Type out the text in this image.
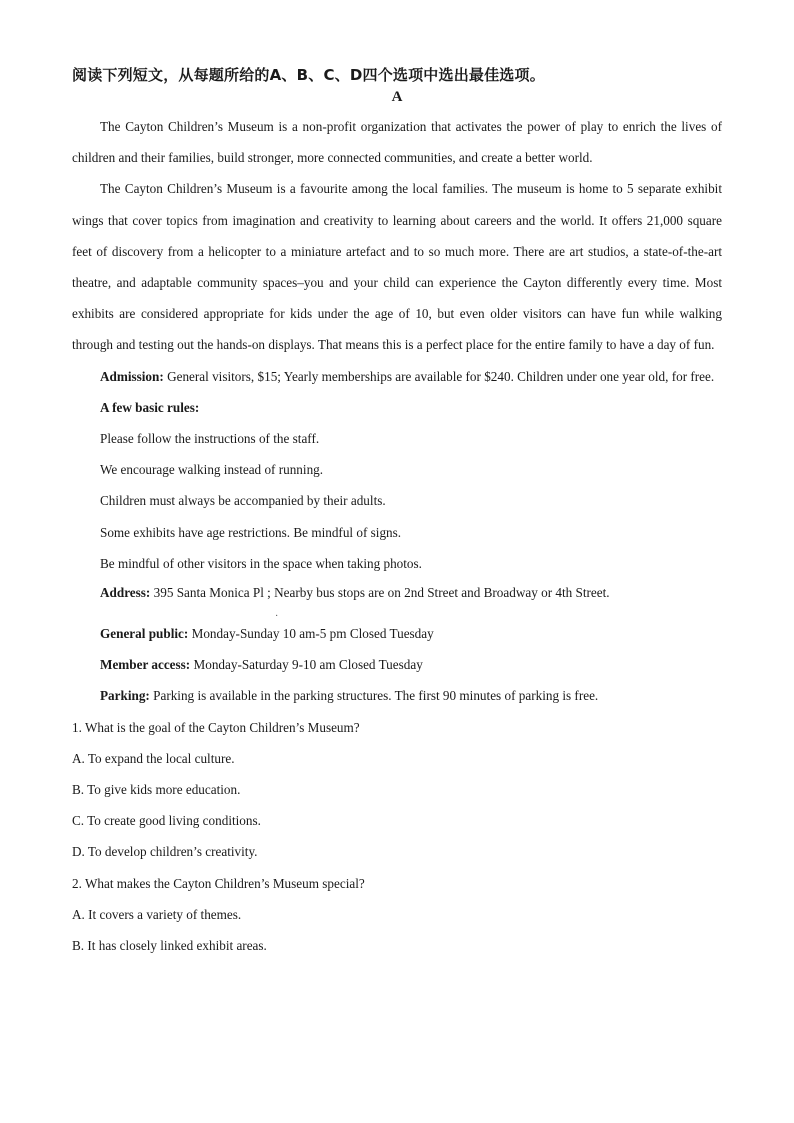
阅读下列短文，从每题所给的A、B、C、D四个选项中选出最佳选项。
A

The Cayton Children’s Museum is a non-profit organization that activates the power of play to enrich the lives of children and their families, build stronger, more connected communities, and create a better world.

The Cayton Children’s Museum is a favourite among the local families. The museum is home to 5 separate exhibit wings that cover topics from imagination and creativity to learning about careers and the world. It offers 21,000 square feet of discovery from a helicopter to a miniature artefact and to so much more. There are art studios, a state-of-the-art theatre, and adaptable community spaces–you and your child can experience the Cayton differently every time. Most exhibits are considered appropriate for kids under the age of 10, but even older visitors can have fun while walking through and testing out the hands-on displays. That means this is a perfect place for the entire family to have a day of fun.

Admission: General visitors, $15; Yearly memberships are available for $240. Children under one year old, for free.

A few basic rules:

Please follow the instructions of the staff.

We encourage walking instead of running.

Children must always be accompanied by their adults.

Some exhibits have age restrictions. Be mindful of signs.

Be mindful of other visitors in the space when taking photos.

Address: 395 Santa Monica Pl ; Nearby bus stops are on 2nd Street and Broadway or 4th Street.

·

General public: Monday-Sunday 10 am-5 pm Closed Tuesday

Member access: Monday-Saturday 9-10 am Closed Tuesday

Parking: Parking is available in the parking structures. The first 90 minutes of parking is free.

1. What is the goal of the Cayton Children’s Museum?

A. To expand the local culture.

B. To give kids more education.

C. To create good living conditions.

D. To develop children’s creativity.

2. What makes the Cayton Children’s Museum special?

A. It covers a variety of themes.

B. It has closely linked exhibit areas.
